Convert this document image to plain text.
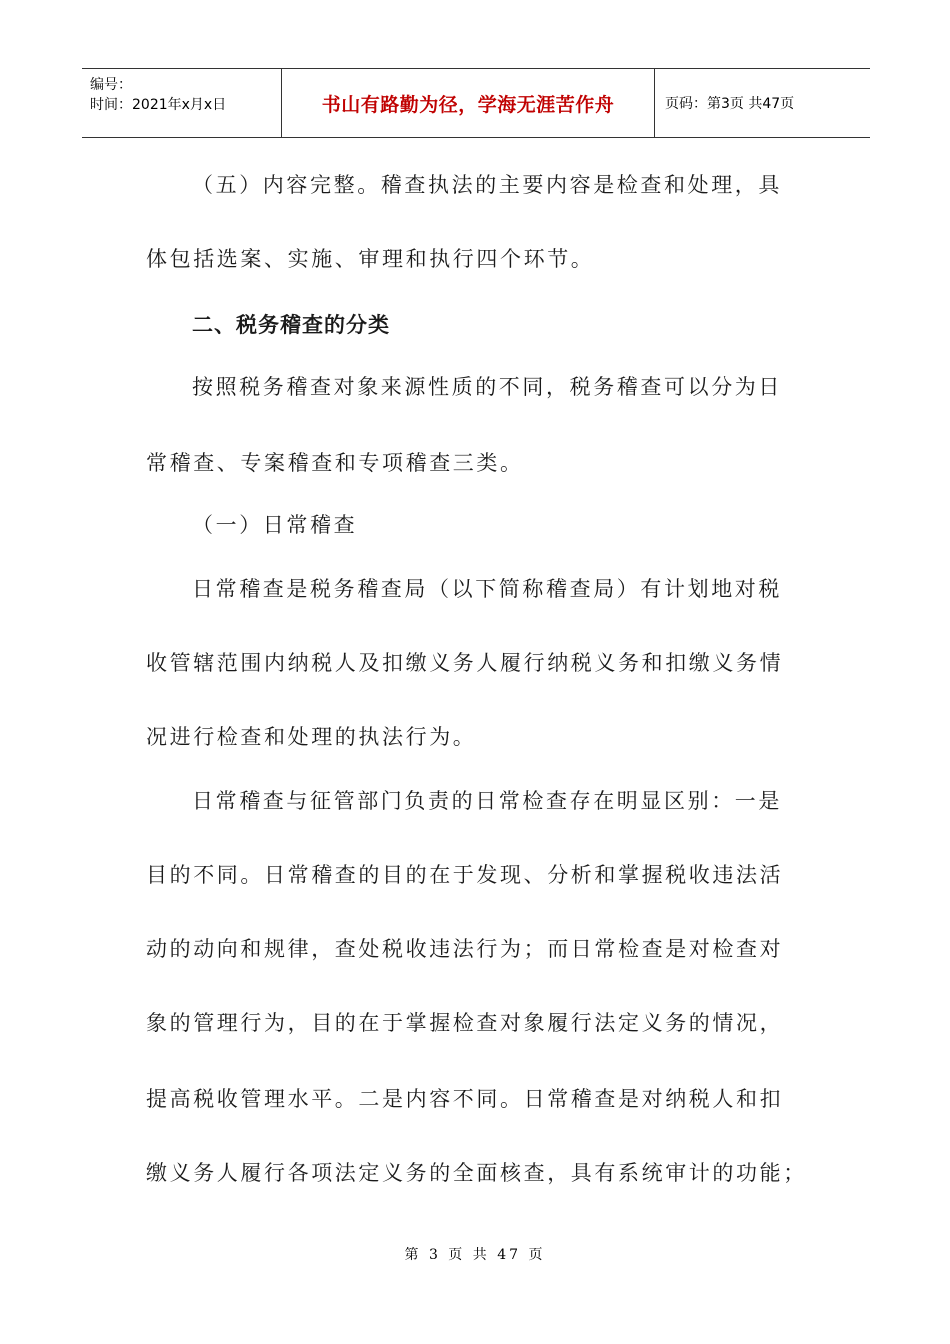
编号：
时间：2021年x月x日	书山有路勤为径，学海无涯苦作舟	页码：第3页 共47页
（五）内容完整。稽查执法的主要内容是检查和处理，具
体包括选案、实施、审理和执行四个环节。
二、税务稽查的分类
按照税务稽查对象来源性质的不同，税务稽查可以分为日
常稽查、专案稽查和专项稽查三类。
（一）日常稽查
日常稽查是税务稽查局（以下简称稽查局）有计划地对税
收管辖范围内纳税人及扣缴义务人履行纳税义务和扣缴义务情
况进行检查和处理的执法行为。
日常稽查与征管部门负责的日常检查存在明显区别：一是
目的不同。日常稽查的目的在于发现、分析和掌握税收违法活
动的动向和规律，查处税收违法行为；而日常检查是对检查对
象的管理行为，目的在于掌握检查对象履行法定义务的情况，
提高税收管理水平。二是内容不同。日常稽查是对纳税人和扣
缴义务人履行各项法定义务的全面核查，具有系统审计的功能；
第 3 页 共 47 页
